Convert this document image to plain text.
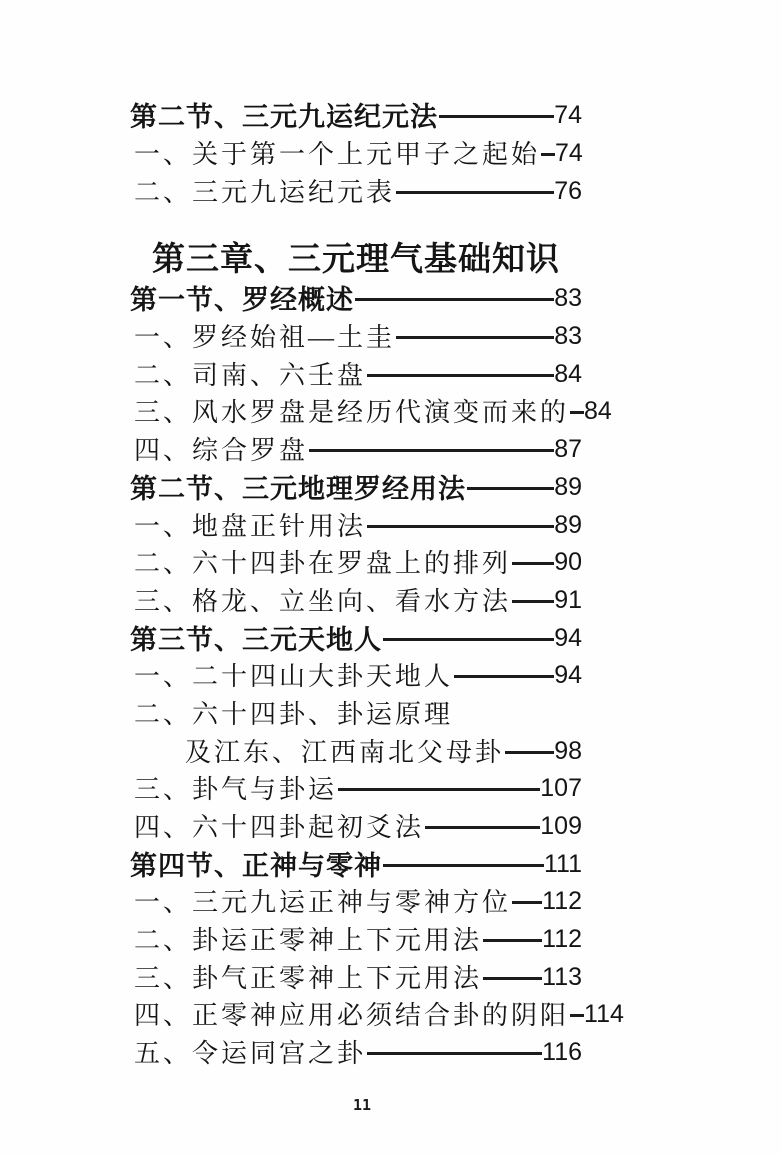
第二节、三元九运纪元法	74
一、关于第一个上元甲子之起始 74
二、三元九运纪元表	76
第三章、三元理气基础知识
第一节、罗经概述	83
一、罗经始祖—土圭	83
二、司南、六壬盘	84
三、风水罗盘是经历代演变而来的 84
四、综合罗盘	87
第二节、三元地理罗经用法	89
一、地盘正针用法	89
二、六十四卦在罗盘上的排列 90
三、格龙、立坐向、看水方法 91
第三节、三元天地人	94
一、二十四山大卦天地人	94
二、六十四卦、卦运原理
及江东、江西南北父母卦 98
三、卦气与卦运	107
四、六十四卦起初爻法	109
第四节、正神与零神	111
一、三元九运正神与零神方位 112
二、卦运正零神上下元用法 112
三、卦气正零神上下元用法 113
四、正零神应用必须结合卦的阴阳 114
五、令运同宫之卦	116
11
